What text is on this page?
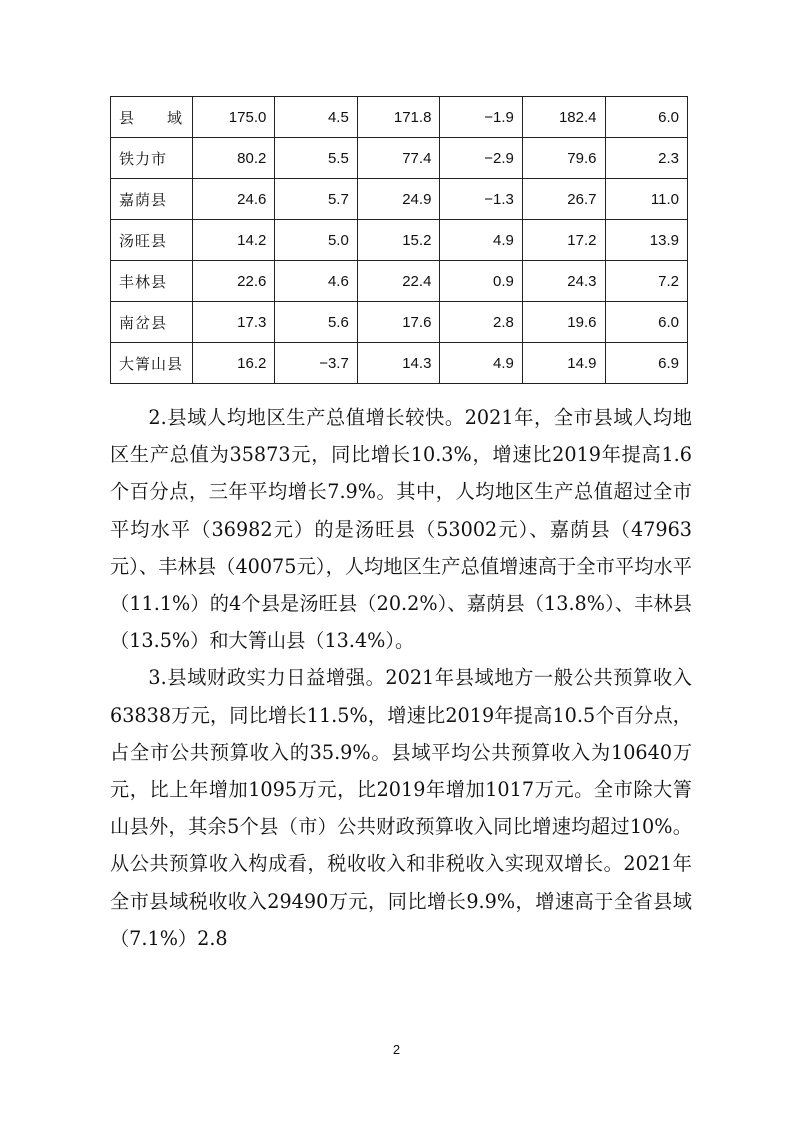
县　　域	175.0	4.5	171.8	−1.9	182.4	6.0
铁力市	80.2	5.5	77.4	−2.9	79.6	2.3
嘉荫县	24.6	5.7	24.9	−1.3	26.7	11.0
汤旺县	14.2	5.0	15.2	4.9	17.2	13.9
丰林县	22.6	4.6	22.4	0.9	24.3	7.2
南岔县	17.3	5.6	17.6	2.8	19.6	6.0
大箐山县	16.2	−3.7	14.3	4.9	14.9	6.9

2.县域人均地区生产总值增长较快。2021年，全市县域人均地区生产总值为35873元，同比增长10.3%，增速比2019年提高1.6个百分点，三年平均增长7.9%。其中，人均地区生产总值超过全市平均水平（36982元）的是汤旺县（53002元）、嘉荫县（47963元）、丰林县（40075元），人均地区生产总值增速高于全市平均水平（11.1%）的4个县是汤旺县（20.2%）、嘉荫县（13.8%）、丰林县（13.5%）和大箐山县（13.4%）。

3.县域财政实力日益增强。2021年县域地方一般公共预算收入63838万元，同比增长11.5%，增速比2019年提高10.5个百分点，占全市公共预算收入的35.9%。县域平均公共预算收入为10640万元，比上年增加1095万元，比2019年增加1017万元。全市除大箐山县外，其余5个县（市）公共财政预算收入同比增速均超过10%。从公共预算收入构成看，税收收入和非税收入实现双增长。2021年全市县域税收收入29490万元，同比增长9.9%，增速高于全省县域（7.1%）2.8

2
